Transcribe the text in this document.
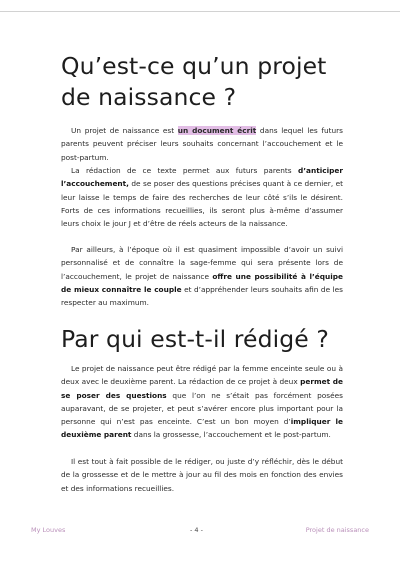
Qu’est-ce qu’un projet de naissance ?

Un projet de naissance est un document écrit dans lequel les futurs parents peuvent préciser leurs souhaits concernant l’accouchement et le post-partum.

La rédaction de ce texte permet aux futurs parents d’anticiper l’accouchement, de se poser des questions précises quant à ce dernier, et leur laisse le temps de faire des recherches de leur côté s’ils le désirent. Forts de ces informations recueillies, ils seront plus à-même d’assumer leurs choix le jour J et d’être de réels acteurs de la naissance.

Par ailleurs, à l’époque où il est quasiment impossible d’avoir un suivi personnalisé et de connaître la sage-femme qui sera présente lors de l’accouchement, le projet de naissance offre une possibilité à l’équipe de mieux connaître le couple et d’appréhender leurs souhaits afin de les respecter au maximum.

Par qui est-t-il rédigé ?

Le projet de naissance peut être rédigé par la femme enceinte seule ou à deux avec le deuxième parent. La rédaction de ce projet à deux permet de se poser des questions que l’on ne s’était pas forcément posées auparavant, de se projeter, et peut s’avérer encore plus important pour la personne qui n’est pas enceinte. C’est un bon moyen d’impliquer le deuxième parent dans la grossesse, l’accouchement et le post-partum.

Il est tout à fait possible de le rédiger, ou juste d’y réfléchir, dès le début de la grossesse et de le mettre à jour au fil des mois en fonction des envies et des informations recueillies.

My Louves	- 4 -	Projet de naissance
